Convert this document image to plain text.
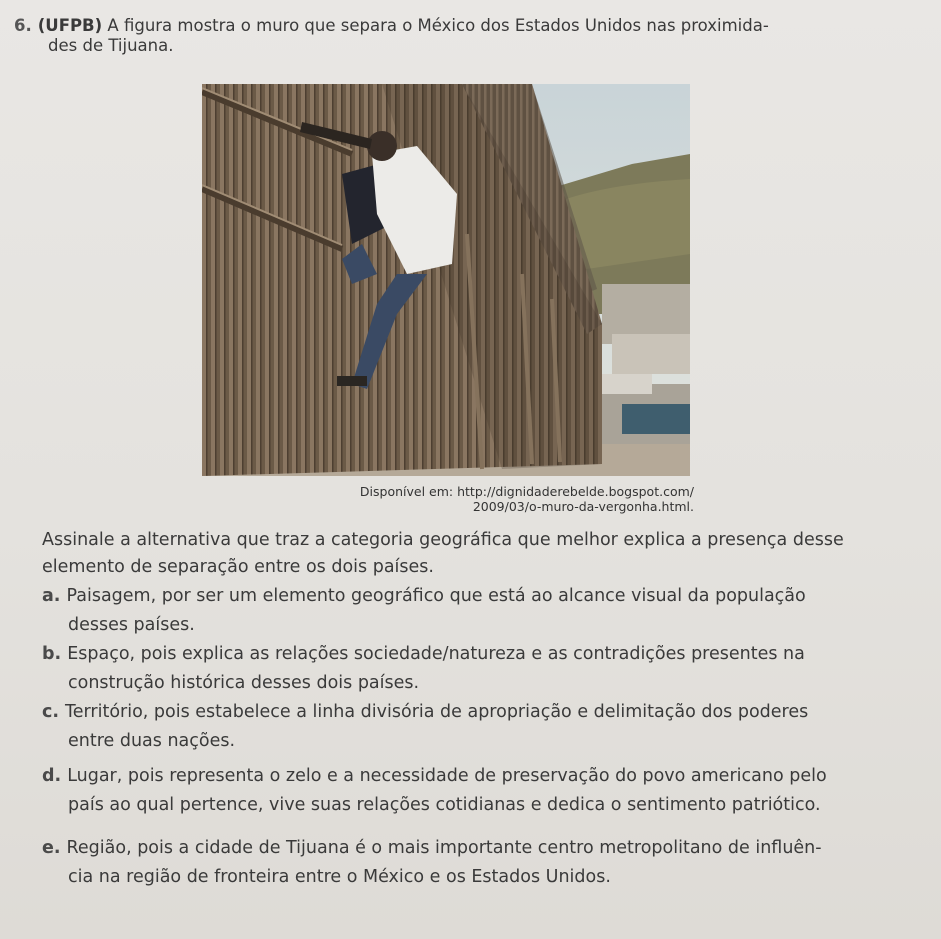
6. (UFPB) A figura mostra o muro que separa o México dos Estados Unidos nas proximida-
des de Tijuana.
Disponível em: http://dignidaderebelde.bogspot.com/
2009/03/o-muro-da-vergonha.html.
Assinale a alternativa que traz a categoria geográfica que melhor explica a presença desse
elemento de separação entre os dois países.
a. Paisagem, por ser um elemento geográfico que está ao alcance visual da população
desses países.
b. Espaço, pois explica as relações sociedade/natureza e as contradições presentes na
construção histórica desses dois países.
c. Território, pois estabelece a linha divisória de apropriação e delimitação dos poderes
entre duas nações.
d. Lugar, pois representa o zelo e a necessidade de preservação do povo americano pelo
país ao qual pertence, vive suas relações cotidianas e dedica o sentimento patriótico.
e. Região, pois a cidade de Tijuana é o mais importante centro metropolitano de influên-
cia na região de fronteira entre o México e os Estados Unidos.
